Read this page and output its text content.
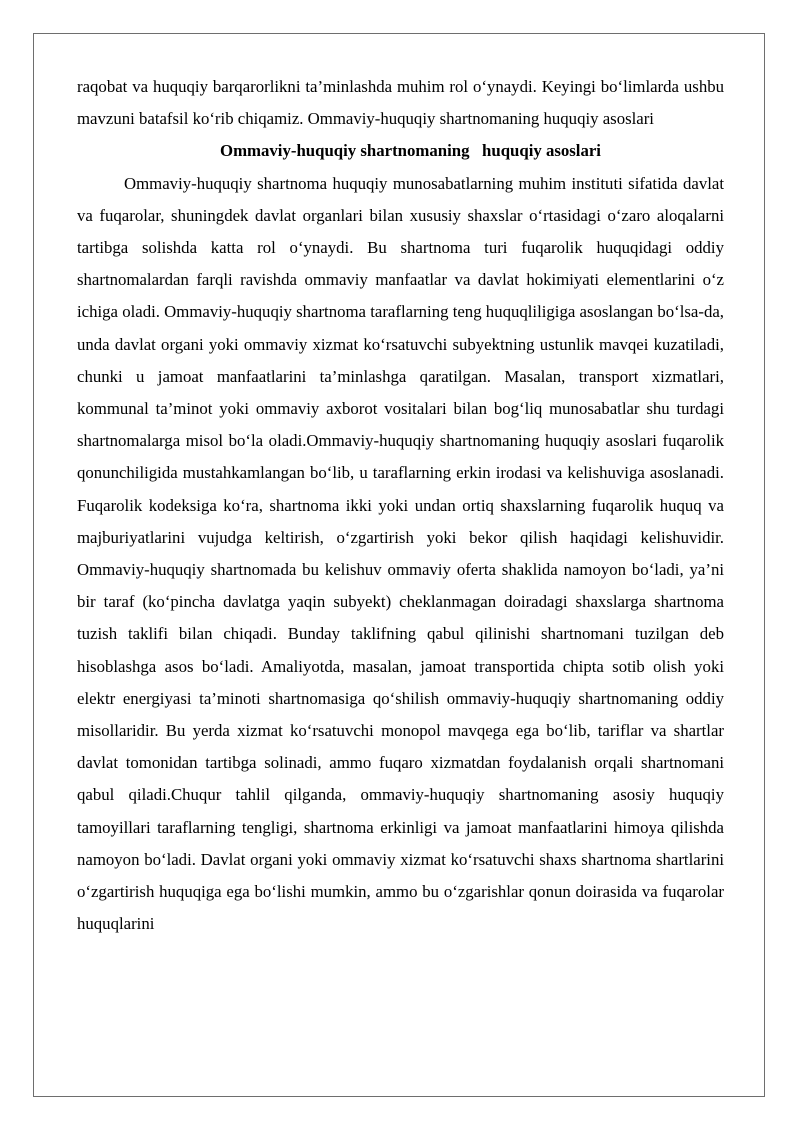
raqobat va huquqiy barqarorlikni ta’minlashda muhim rol o‘ynaydi. Keyingi bo‘limlarda ushbu mavzuni batafsil ko‘rib chiqamiz. Ommaviy-huquqiy shartnomaning huquqiy asoslari

Ommaviy-huquqiy shartnomaning   huquqiy asoslari

Ommaviy-huquqiy shartnoma huquqiy munosabatlarning muhim instituti sifatida davlat va fuqarolar, shuningdek davlat organlari bilan xususiy shaxslar o‘rtasidagi o‘zaro aloqalarni tartibga solishda katta rol o‘ynaydi. Bu shartnoma turi fuqarolik huquqidagi oddiy shartnomalardan farqli ravishda ommaviy manfaatlar va davlat hokimiyati elementlarini o‘z ichiga oladi. Ommaviy-huquqiy shartnoma taraflarning teng huquqliligiga asoslangan bo‘lsa-da, unda davlat organi yoki ommaviy xizmat ko‘rsatuvchi subyektning ustunlik mavqei kuzatiladi, chunki u jamoat manfaatlarini ta’minlashga qaratilgan. Masalan, transport xizmatlari, kommunal ta’minot yoki ommaviy axborot vositalari bilan bog‘liq munosabatlar shu turdagi shartnomalarga misol bo‘la oladi.Ommaviy-huquqiy shartnomaning huquqiy asoslari fuqarolik qonunchiligida mustahkamlangan bo‘lib, u taraflarning erkin irodasi va kelishuviga asoslanadi. Fuqarolik kodeksiga ko‘ra, shartnoma ikki yoki undan ortiq shaxslarning fuqarolik huquq va majburiyatlarini vujudga keltirish, o‘zgartirish yoki bekor qilish haqidagi kelishuvidir. Ommaviy-huquqiy shartnomada bu kelishuv ommaviy oferta shaklida namoyon bo‘ladi, ya’ni bir taraf (ko‘pincha davlatga yaqin subyekt) cheklanmagan doiradagi shaxslarga shartnoma tuzish taklifi bilan chiqadi. Bunday taklifning qabul qilinishi shartnomani tuzilgan deb hisoblashga asos bo‘ladi. Amaliyotda, masalan, jamoat transportida chipta sotib olish yoki elektr energiyasi ta’minoti shartnomasiga qo‘shilish ommaviy-huquqiy shartnomaning oddiy misollaridir. Bu yerda xizmat ko‘rsatuvchi monopol mavqega ega bo‘lib, tariflar va shartlar davlat tomonidan tartibga solinadi, ammo fuqaro xizmatdan foydalanish orqali shartnomani qabul qiladi.Chuqur tahlil qilganda, ommaviy-huquqiy shartnomaning asosiy huquqiy tamoyillari taraflarning tengligi, shartnoma erkinligi va jamoat manfaatlarini himoya qilishda namoyon bo‘ladi. Davlat organi yoki ommaviy xizmat ko‘rsatuvchi shaxs shartnoma shartlarini o‘zgartirish huquqiga ega bo‘lishi mumkin, ammo bu o‘zgarishlar qonun doirasida va fuqarolar huquqlarini
